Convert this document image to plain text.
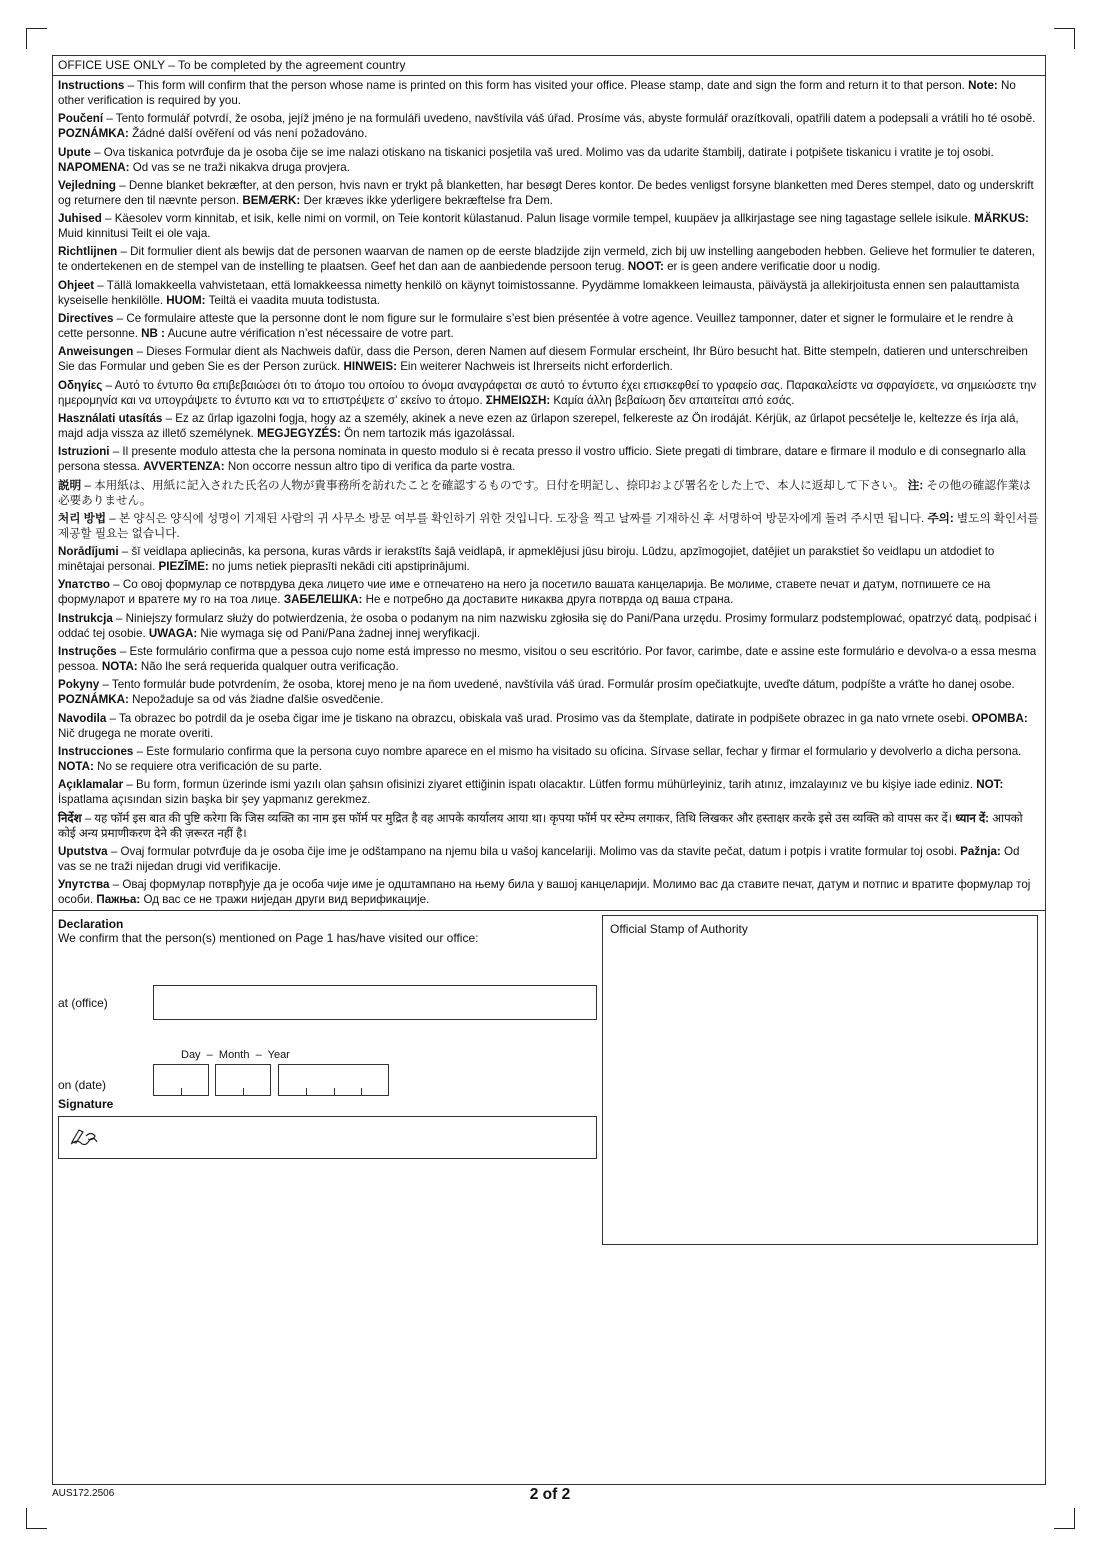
OFFICE USE ONLY – To be completed by the agreement country
Instructions – This form will confirm that the person whose name is printed on this form has visited your office. Please stamp, date and sign the form and return it to that person. Note: No other verification is required by you.
Poučení – Tento formulář potvrdí, že osoba, jejíž jméno je na formuláři uvedeno, navštívila váš úřad. Prosíme vás, abyste formulář orazítkovali, opatřili datem a podepsali a vrátili ho té osobě. POZNÁMKA: Žádné další ověření od vás není požadováno.
Upute – Ova tiskanica potvrđuje da je osoba čije se ime nalazi otiskano na tiskanici posjetila vaš ured. Molimo vas da udarite štambilj, datirate i potpišete tiskanicu i vratite je toj osobi. NAPOMENA: Od vas se ne traži nikakva druga provjera.
Vejledning – Denne blanket bekræfter, at den person, hvis navn er trykt på blanketten, har besøgt Deres kontor. De bedes venligst forsyne blanketten med Deres stempel, dato og underskrift og returnere den til nævnte person. BEMÆRK: Der kræves ikke yderligere bekræftelse fra Dem.
Juhised – Käesolev vorm kinnitab, et isik, kelle nimi on vormil, on Teie kontorit külastanud. Palun lisage vormile tempel, kuupäev ja allkirjastage see ning tagastage sellele isikule. MÄRKUS: Muid kinnitusi Teilt ei ole vaja.
Richtlijnen – Dit formulier dient als bewijs dat de personen waarvan de namen op de eerste bladzijde zijn vermeld, zich bij uw instelling aangeboden hebben. Gelieve het formulier te dateren, te ondertekenen en de stempel van de instelling te plaatsen. Geef het dan aan de aanbiedende persoon terug. NOOT: er is geen andere verificatie door u nodig.
Ohjeet – Tällä lomakkeella vahvistetaan, että lomakkeessa nimetty henkilö on käynyt toimistossanne. Pyydämme lomakkeen leimausta, päiväystä ja allekirjoitusta ennen sen palauttamista kyseiselle henkilölle. HUOM: Teiltä ei vaadita muuta todistusta.
Directives – Ce formulaire atteste que la personne dont le nom figure sur le formulaire s’est bien présentée à votre agence. Veuillez tamponner, dater et signer le formulaire et le rendre à cette personne. NB : Aucune autre vérification n’est nécessaire de votre part.
Anweisungen – Dieses Formular dient als Nachweis dafür, dass die Person, deren Namen auf diesem Formular erscheint, Ihr Büro besucht hat. Bitte stempeln, datieren und unterschreiben Sie das Formular und geben Sie es der Person zurück. HINWEIS: Ein weiterer Nachweis ist Ihrerseits nicht erforderlich.
Οδηγίες – Αυτό το έντυπο θα επιβεβαιώσει ότι το άτομο του οποίου το όνομα αναγράφεται σε αυτό το έντυπο έχει επισκεφθεί το γραφείο σας. Παρακαλείστε να σφραγίσετε, να σημειώσετε την ημερομηνία και να υπογράψετε το έντυπο και να το επιστρέψετε σ’ εκείνο το άτομο. ΣΗΜΕΙΩΣΗ: Καμία άλλη βεβαίωση δεν απαιτείται από εσάς.
Használati utasítás – Ez az űrlap igazolni fogja, hogy az a személy, akinek a neve ezen az űrlapon szerepel, felkereste az Ön irodáját. Kérjük, az űrlapot pecsételje le, keltezze és írja alá, majd adja vissza az illető személynek. MEGJEGYZÉS: Ön nem tartozik más igazolással.
Istruzioni – Il presente modulo attesta che la persona nominata in questo modulo si è recata presso il vostro ufficio. Siete pregati di timbrare, datare e firmare il modulo e di consegnarlo alla persona stessa. AVVERTENZA: Non occorre nessun altro tipo di verifica da parte vostra.
説明 – 本用紙は、用紙に記入された氏名の人物が貴事務所を訪れたことを確認するものです。日付を明記し、捺印および署名をした上で、本人に返却して下さい。 注: その他の確認作業は必要ありません。
처리 방법 – 본 양식은 양식에 성명이 기재된 사람의 귀 사무소 방문 여부를 확인하기 위한 것입니다. 도장을 찍고 날짜를 기재하신 후 서명하여 방문자에게 돌려 주시면 됩니다. 주의: 별도의 확인서를 제공할 필요는 없습니다.
Norādījumi – šī veidlapa apliecinās, ka persona, kuras vārds ir ierakstīts šajā veidlapā, ir apmeklējusi jūsu biroju. Lūdzu, apzīmogojiet, datējiet un parakstiet šo veidlapu un atdodiet to minētajai personai. PIEZĪME: no jums netiek pieprasīti nekādi citi apstiprinājumi.
Упатство – Со овој формулар се потврдува дека лицето чие име е отпечатено на него ја посетило вашата канцеларија. Ве молиме, ставете печат и датум, потпишете се на формуларот и вратете му го на тоа лице. ЗАБЕЛЕШКА: Не е потребно да доставите никаква друга потврда од ваша страна.
Instrukcja – Niniejszy formularz służy do potwierdzenia, że osoba o podanym na nim nazwisku zgłosiła się do Pani/Pana urzędu. Prosimy formularz podstemplować, opatrzyć datą, podpisać i oddać tej osobie. UWAGA: Nie wymaga się od Pani/Pana żadnej innej weryfikacji.
Instruções – Este formulário confirma que a pessoa cujo nome está impresso no mesmo, visitou o seu escritório. Por favor, carimbe, date e assine este formulário e devolva-o a essa mesma pessoa. NOTA: Não lhe será requerida qualquer outra verificação.
Pokyny – Tento formulár bude potvrdením, že osoba, ktorej meno je na ňom uvedené, navštívila váš úrad. Formulár prosím opečiatkujte, uveďte dátum, podpíšte a vráťte ho danej osobe. POZNÁMKA: Nepožaduje sa od vás žiadne ďalšie osvedčenie.
Navodila – Ta obrazec bo potrdil da je oseba čigar ime je tiskano na obrazcu, obiskala vaš urad. Prosimo vas da štemplate, datirate in podpišete obrazec in ga nato vrnete osebi. OPOMBA: Nič drugega ne morate overiti.
Instrucciones – Este formulario confirma que la persona cuyo nombre aparece en el mismo ha visitado su oficina. Sírvase sellar, fechar y firmar el formulario y devolverlo a dicha persona. NOTA: No se requiere otra verificación de su parte.
Açıklamalar – Bu form, formun üzerinde ismi yazılı olan şahsın ofisinizi ziyaret ettiğinin ispatı olacaktır. Lütfen formu mühürleyiniz, tarih atınız, imzalayınız ve bu kişiye iade ediniz. NOT: İspatlama açısından sizin başka bir şey yapmanız gerekmez.
निर्देश – यह फॉर्म इस बात की पुष्टि करेगा कि जिस व्यक्ति का नाम इस फॉर्म पर मुद्रित है वह आपके कार्यालय आया था। कृपया फॉर्म पर स्टेम्प लगाकर, तिथि लिखकर और हस्ताक्षर करके इसे उस व्यक्ति को वापस कर दें। ध्यान दें: आपको कोई अन्य प्रमाणीकरण देने की ज़रूरत नहीं है।
Uputstva – Ovaj formular potvrđuje da je osoba čije ime je odštampano na njemu bila u vašoj kancelariji. Molimo vas da stavite pečat, datum i potpis i vratite formular toj osobi. Pažnja: Od vas se ne traži nijedan drugi vid verifikacije.
Упутства – Овај формулар потврђује да је особа чије име је одштампано на њему била у вашој канцеларији. Молимо вас да ставите печат, датум и потпис и вратите формулар тој особи. Пажња: Од вас се не тражи ниједан други вид верификације.
Declaration
We confirm that the person(s) mentioned on Page 1 has/have visited our office:
at (office)
Day  –  Month  –  Year
on (date)
Signature
Official Stamp of Authority
AUS172.2506	2 of 2
